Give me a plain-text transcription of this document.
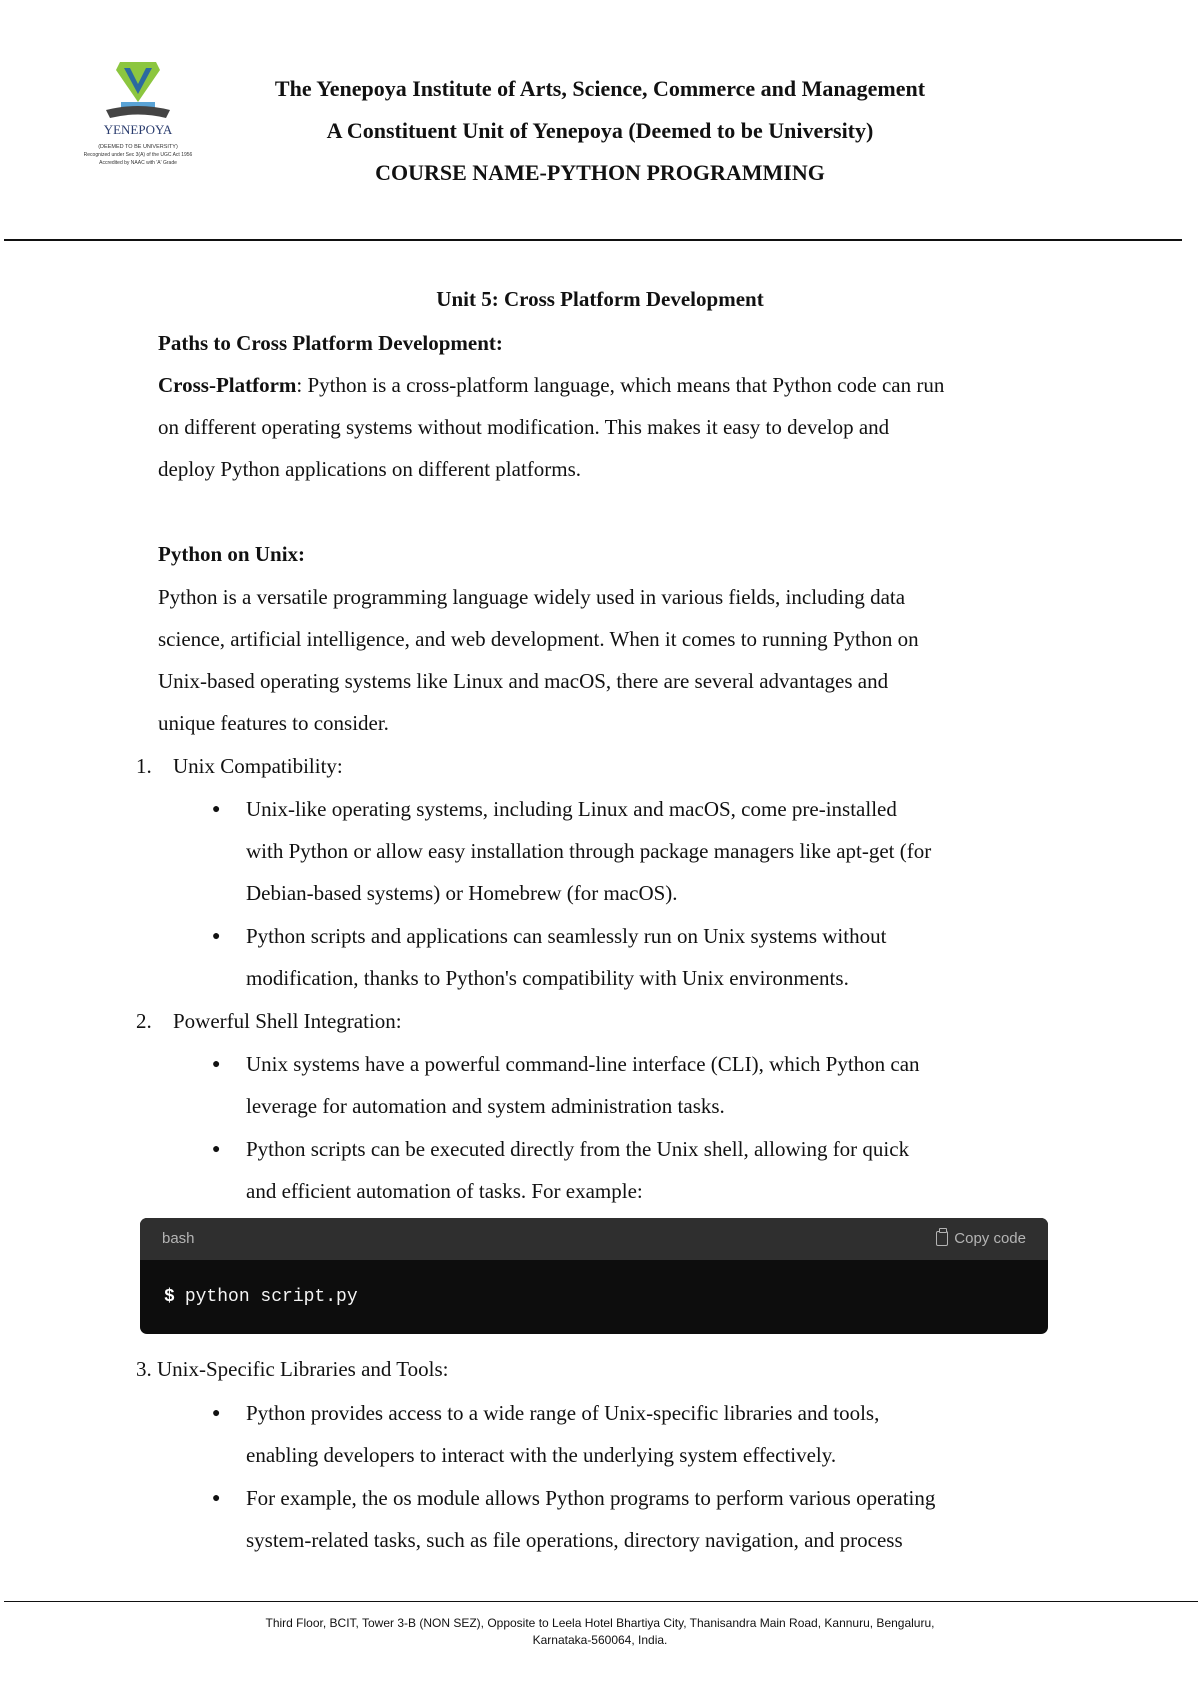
YENEPOYA
(DEEMED TO BE UNIVERSITY)
Recognized under Sec 3(A) of the UGC Act 1956
Accredited by NAAC with 'A' Grade
The Yenepoya Institute of Arts, Science, Commerce and Management
A Constituent Unit of Yenepoya (Deemed to be University)
COURSE NAME-PYTHON PROGRAMMING
Unit 5: Cross Platform Development
Paths to Cross Platform Development:
Cross-Platform: Python is a cross-platform language, which means that Python code can run
on different operating systems without modification. This makes it easy to develop and
deploy Python applications on different platforms.
Python on Unix:
Python is a versatile programming language widely used in various fields, including data
science, artificial intelligence, and web development. When it comes to running Python on
Unix-based operating systems like Linux and macOS, there are several advantages and
unique features to consider.
1. Unix Compatibility:
● Unix-like operating systems, including Linux and macOS, come pre-installed
with Python or allow easy installation through package managers like apt-get (for
Debian-based systems) or Homebrew (for macOS).
● Python scripts and applications can seamlessly run on Unix systems without
modification, thanks to Python's compatibility with Unix environments.
2. Powerful Shell Integration:
● Unix systems have a powerful command-line interface (CLI), which Python can
leverage for automation and system administration tasks.
● Python scripts can be executed directly from the Unix shell, allowing for quick
and efficient automation of tasks. For example:
bash	Copy code
$ python script.py
3. Unix-Specific Libraries and Tools:
● Python provides access to a wide range of Unix-specific libraries and tools,
enabling developers to interact with the underlying system effectively.
● For example, the os module allows Python programs to perform various operating
system-related tasks, such as file operations, directory navigation, and process
Third Floor, BCIT, Tower 3-B (NON SEZ), Opposite to Leela Hotel Bhartiya City, Thanisandra Main Road, Kannuru, Bengaluru,
Karnataka-560064, India.
